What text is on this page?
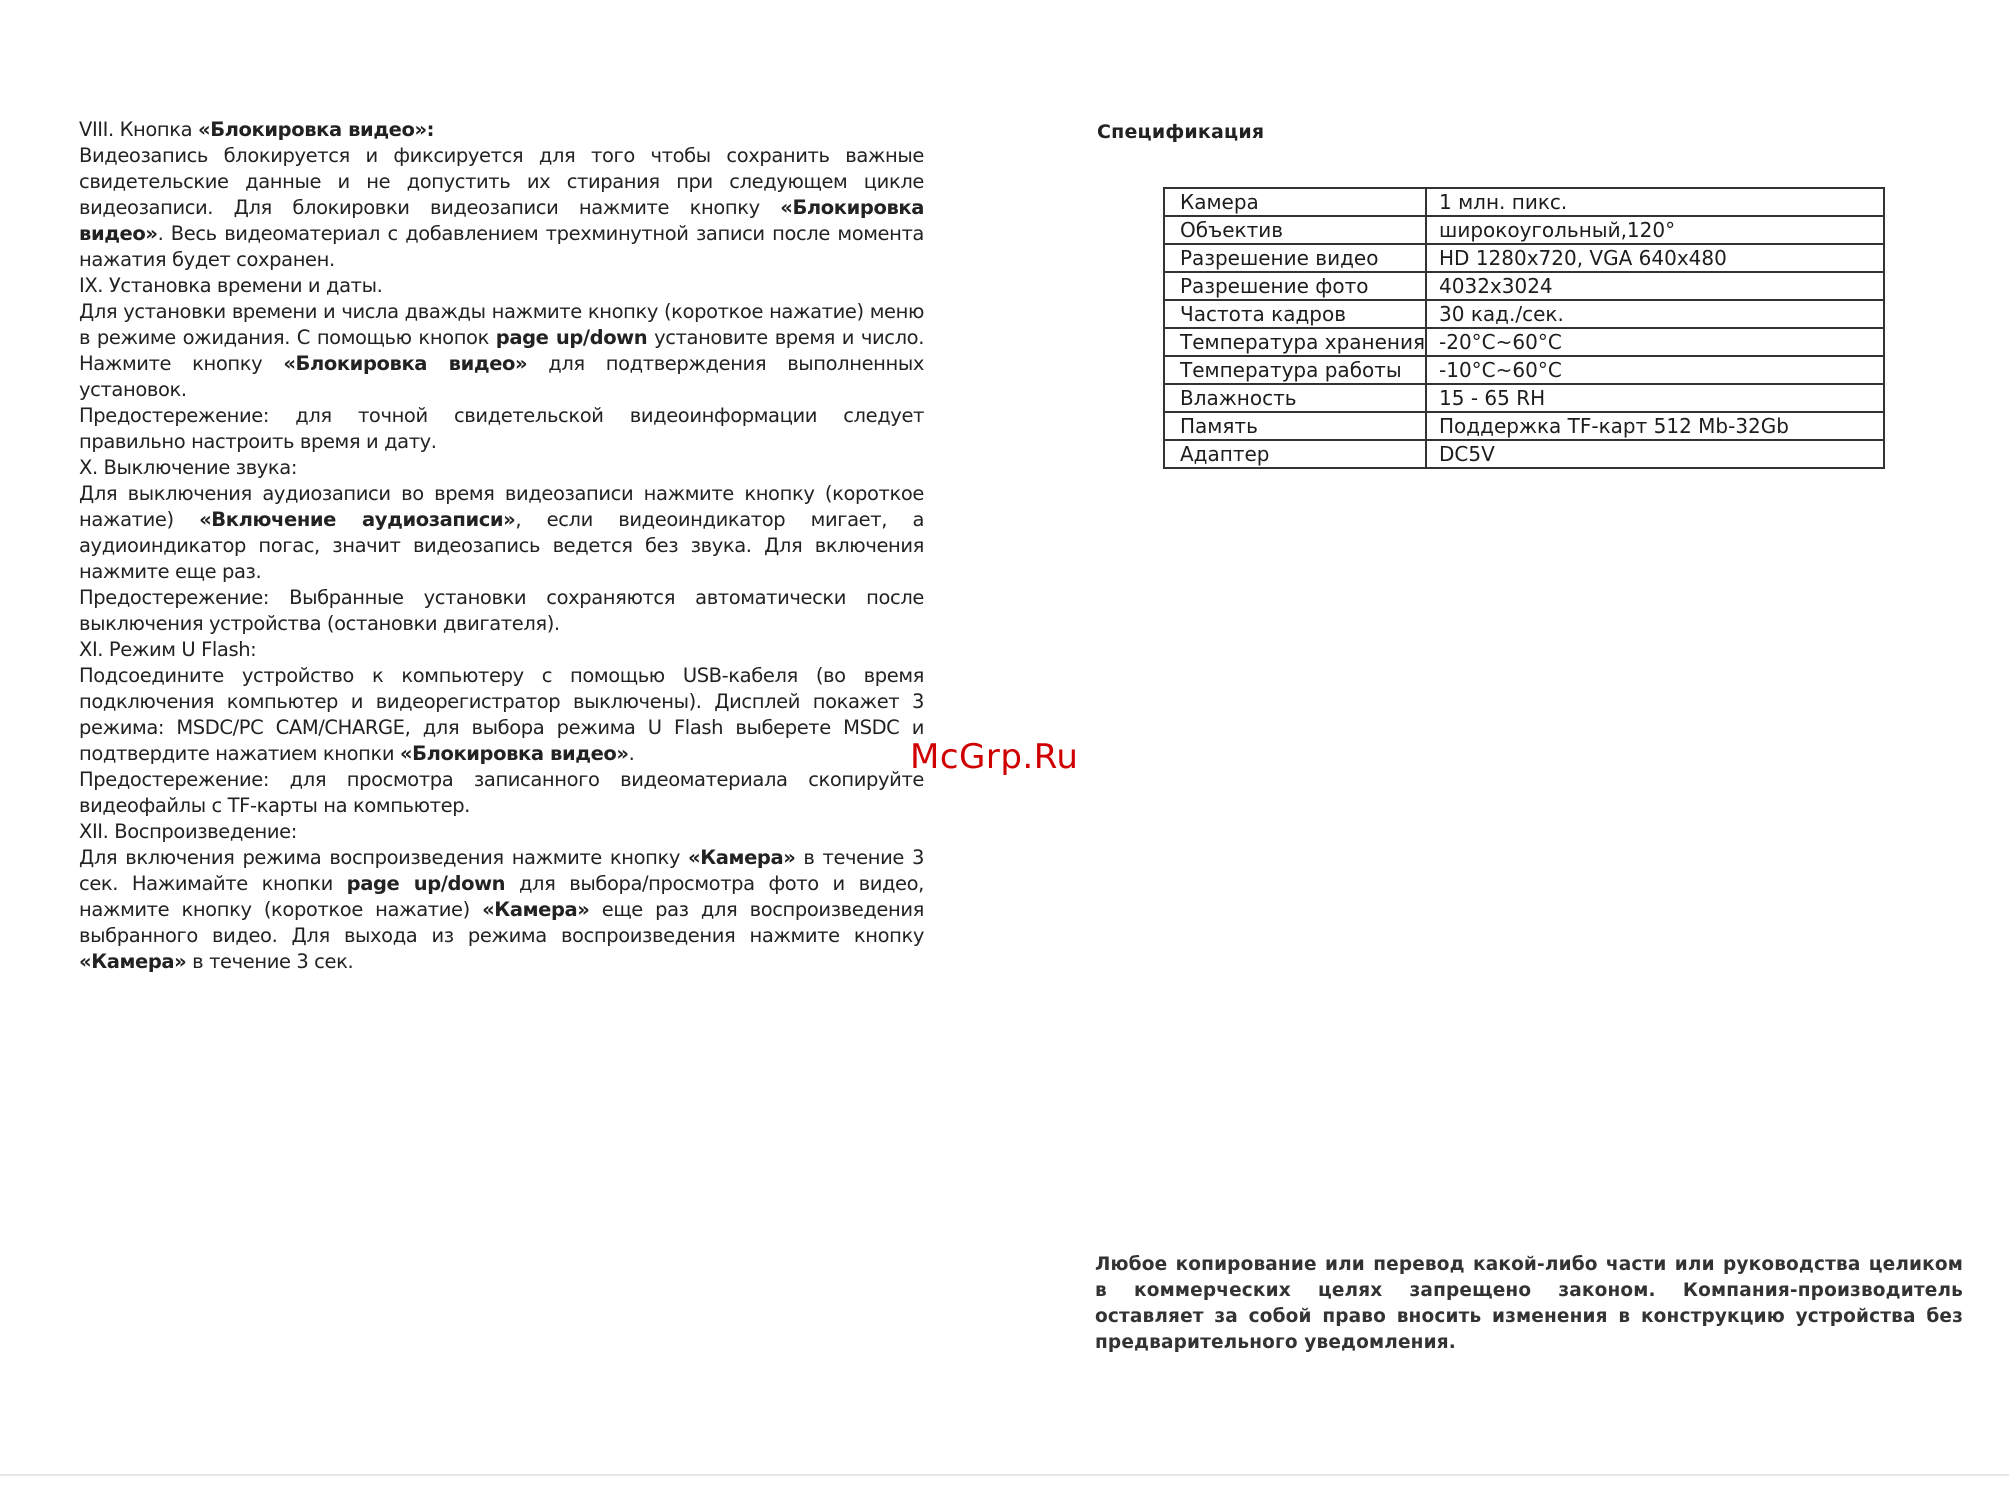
VIII. Кнопка «Блокировка видео»:

Видеозапись блокируется и фиксируется для того чтобы сохранить важные свидетельские данные и не допустить их стирания при следующем цикле видеозаписи. Для блокировки видеозаписи нажмите кнопку «Блокировка видео». Весь видеоматериал с добавлением трехминутной записи после момента нажатия будет сохранен.

IX. Установка времени и даты.

Для установки времени и числа дважды нажмите кнопку (короткое нажатие) меню в режиме ожидания. С помощью кнопок page up/down установите время и число. Нажмите кнопку «Блокировка видео» для подтверждения выполненных установок.

Предостережение: для точной свидетельской видеоинформации следует правильно настроить время и дату.

X. Выключение звука:

Для выключения аудиозаписи во время видеозаписи нажмите кнопку (короткое нажатие) «Включение аудиозаписи», если видеоиндикатор мигает, а аудиоиндикатор погас, значит видеозапись ведется без звука. Для включения нажмите еще раз.

Предостережение: Выбранные установки сохраняются автоматически после выключения устройства (остановки двигателя).

XI. Режим U Flash:

Подсоедините устройство к компьютеру с помощью USB-кабеля (во время подключения компьютер и видеорегистратор выключены). Дисплей покажет 3 режима: MSDC/PC CAM/CHARGE, для выбора режима U Flash выберете MSDC и подтвердите нажатием кнопки «Блокировка видео».

Предостережение: для просмотра записанного видеоматериала скопируйте видеофайлы с TF-карты на компьютер.

XII. Воспроизведение:

Для включения режима воспроизведения нажмите кнопку «Камера» в течение 3 сек. Нажимайте кнопки page up/down для выбора/просмотра фото и видео, нажмите кнопку (короткое нажатие) «Камера» еще раз для воспроизведения выбранного видео. Для выхода из режима воспроизведения нажмите кнопку «Камера» в течение 3 сек.

Спецификация
Камера	1 млн. пикс.
Объектив	широкоугольный,120°
Разрешение видео	HD 1280x720, VGA 640x480
Разрешение фото	4032x3024
Частота кадров	30 кад./сек.
Температура хранения	-20°C~60°C
Температура работы	-10°C~60°C
Влажность	15 - 65 RH
Память	Поддержка TF-карт 512 Mb-32Gb
Адаптер	DC5V
McGrp.Ru
Любое копирование или перевод какой-либо части или руководства целиком в коммерческих целях запрещено законом. Компания-производитель оставляет за собой право вносить изменения в конструкцию устройства без предварительного уведомления.
